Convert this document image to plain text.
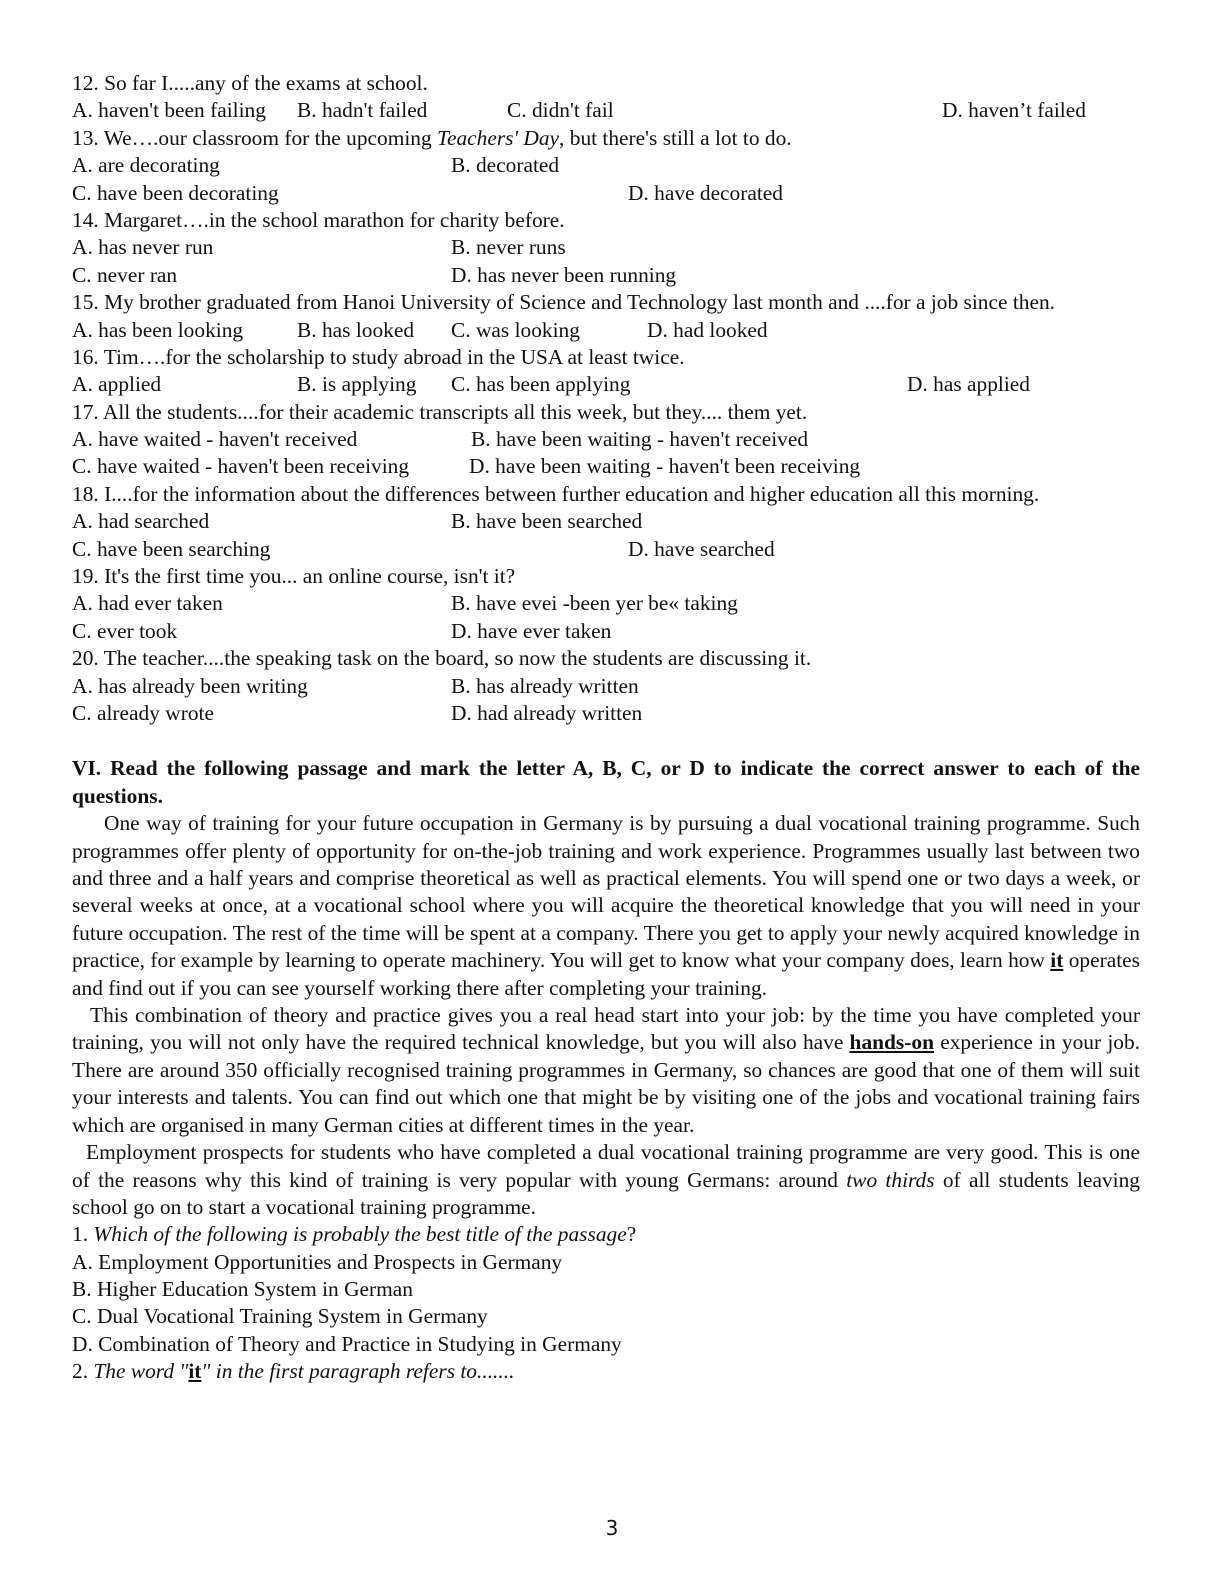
12. So far I.....any of the exams at school.
A. haven't been failing B. hadn't failed	C. didn't fail	D. haven’t failed
13. We….our classroom for the upcoming Teachers' Day, but there's still a lot to do.
A. are decorating	B. decorated
C. have been decorating	D. have decorated
14. Margaret….in the school marathon for charity before.
A. has never run	B. never runs
C. never ran	D. has never been running
15. My brother graduated from Hanoi University of Science and Technology last month and ....for a job since then.
A. has been looking	B. has looked C. was looking	D. had looked
16. Tim….for the scholarship to study abroad in the USA at least twice.
A. applied	B. is applying C. has been applying	D. has applied
17. All the students....for their academic transcripts all this week, but they.... them yet.
A. have waited - haven't received	B. have been waiting - haven't received
C. have waited - haven't been receiving	D. have been waiting - haven't been receiving
18. I....for the information about the differences between further education and higher education all this morning.
A. had searched	B. have been searched
C. have been searching	D. have searched
19. It's the first time you... an online course, isn't it?
A. had ever taken	B. have evei -been yer be« taking
C. ever took	D. have ever taken
20. The teacher....the speaking task on the board, so now the students are discussing it.
A. has already been writing	B. has already written
C. already wrote	D. had already written
VI. Read the following passage and mark the letter A, B, C, or D to indicate the correct answer to each of the questions.
One way of training for your future occupation in Germany is by pursuing a dual vocational training programme. Such programmes offer plenty of opportunity for on-the-job training and work experience. Programmes usually last between two and three and a half years and comprise theoretical as well as practical elements. You will spend one or two days a week, or several weeks at once, at a vocational school where you will acquire the theoretical knowledge that you will need in your future occupation. The rest of the time will be spent at a company. There you get to apply your newly acquired knowledge in practice, for example by learning to operate machinery. You will get to know what your company does, learn how it operates and find out if you can see yourself working there after completing your training.
This combination of theory and practice gives you a real head start into your job: by the time you have completed your training, you will not only have the required technical knowledge, but you will also have hands-on experience in your job. There are around 350 officially recognised training programmes in Germany, so chances are good that one of them will suit your interests and talents. You can find out which one that might be by visiting one of the jobs and vocational training fairs which are organised in many German cities at different times in the year.
Employment prospects for students who have completed a dual vocational training programme are very good. This is one of the reasons why this kind of training is very popular with young Germans: around two thirds of all students leaving school go on to start a vocational training programme.
1. Which of the following is probably the best title of the passage?
A. Employment Opportunities and Prospects in Germany
B. Higher Education System in German
C. Dual Vocational Training System in Germany
D. Combination of Theory and Practice in Studying in Germany
2. The word "it" in the first paragraph refers to.......
3
